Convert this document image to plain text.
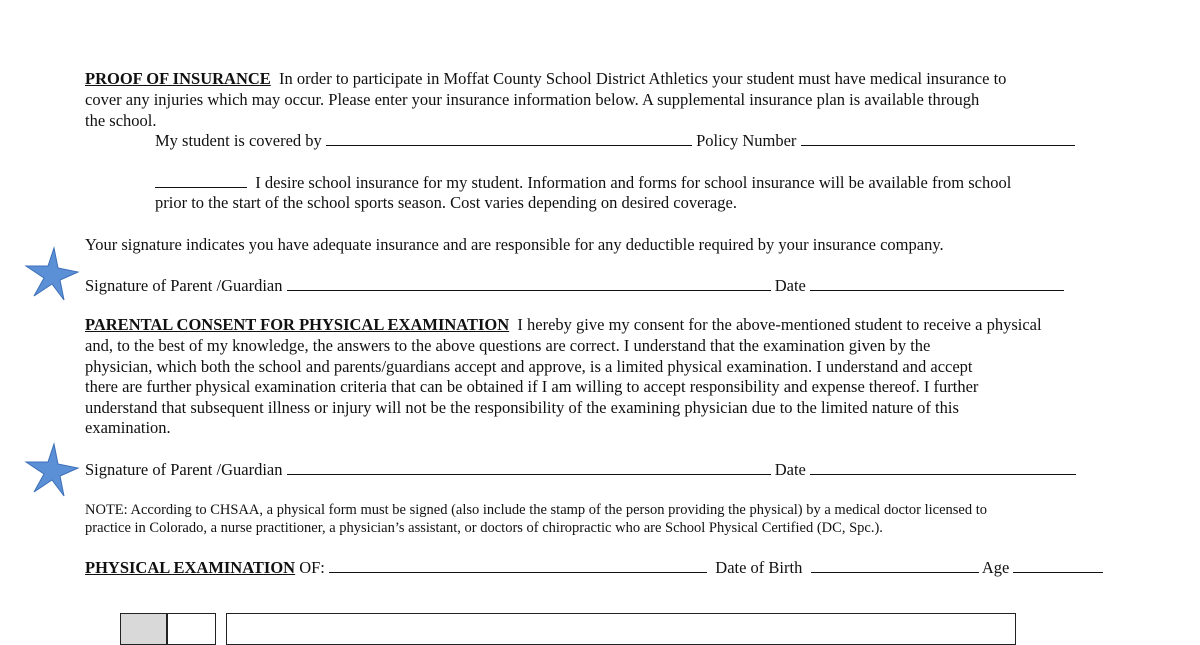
PROOF OF INSURANCE In order to participate in Moffat County School District Athletics your student must have medical insurance to
cover any injuries which may occur. Please enter your insurance information below. A supplemental insurance plan is available through
the school.
My student is covered by	Policy Number
I desire school insurance for my student. Information and forms for school insurance will be available from school
prior to the start of the school sports season. Cost varies depending on desired coverage.
Your signature indicates you have adequate insurance and are responsible for any deductible required by your insurance company.
Signature of Parent /Guardian	Date
PARENTAL CONSENT FOR PHYSICAL EXAMINATION I hereby give my consent for the above-mentioned student to receive a physical
and, to the best of my knowledge, the answers to the above questions are correct. I understand that the examination given by the
physician, which both the school and parents/guardians accept and approve, is a limited physical examination. I understand and accept
there are further physical examination criteria that can be obtained if I am willing to accept responsibility and expense thereof. I further
understand that subsequent illness or injury will not be the responsibility of the examining physician due to the limited nature of this
examination.
Signature of Parent /Guardian	Date
NOTE: According to CHSAA, a physical form must be signed (also include the stamp of the person providing the physical) by a medical doctor licensed to
practice in Colorado, a nurse practitioner, a physician’s assistant, or doctors of chiropractic who are School Physical Certified (DC, Spc.).
PHYSICAL EXAMINATION OF:	Date of Birth	Age
